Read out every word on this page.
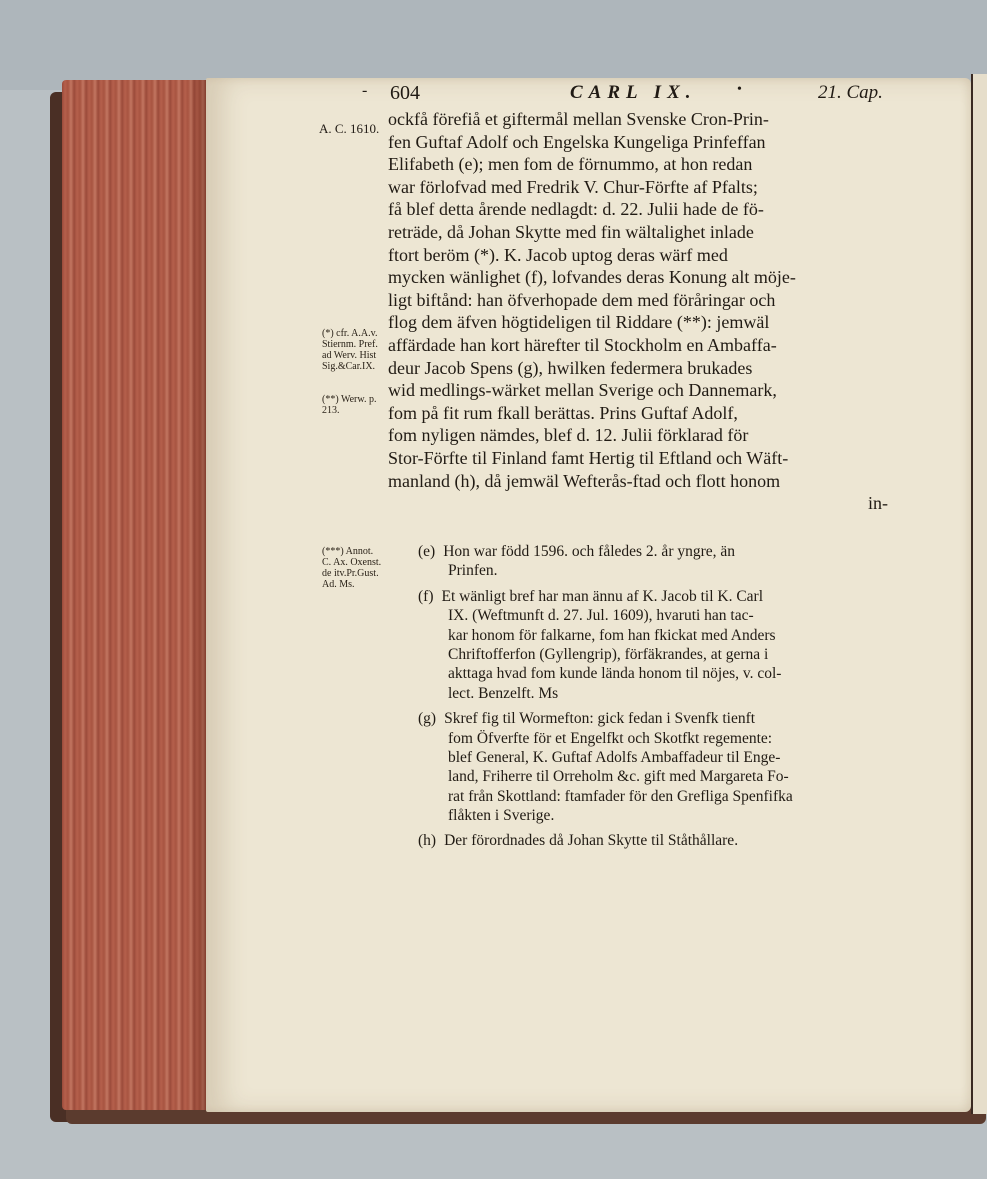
- 604	CARL IX.	•	21. Cap.
A. C. 1610.
(*) cfr. A.A.v.
Stiernm. Pref.
ad Werv. Hist
Sig.&Car.IX.
(**) Werw. p.
213.
(***) Annot.
C. Ax. Oxenst.
de itv.Pr.Gust.
Ad. Ms.
ockfå förefiå et giftermål mellan Svenske Cron-Prin-
fen Guftaf Adolf och Engelska Kungeliga Prinfeffan
Elifabeth (e); men fom de förnummo, at hon redan
war förlofvad med Fredrik V. Chur-Förfte af Pfalts;
få blef detta årende nedlagdt: d. 22. Julii hade de fö-
reträde, då Johan Skytte med fin wältalighet inlade
ftort beröm (*). K. Jacob uptog deras wärf med
mycken wänlighet (f), lofvandes deras Konung alt möje-
ligt biftånd: han öfverhopade dem med föråringar och
flog dem äfven högtideligen til Riddare (**): jemwäl
affärdade han kort härefter til Stockholm en Ambaffa-
deur Jacob Spens (g), hwilken federmera brukades
wid medlings-wärket mellan Sverige och Dannemark,
fom på fit rum fkall berättas. Prins Guftaf Adolf,
fom nyligen nämdes, blef d. 12. Julii förklarad för
Stor-Förfte til Finland famt Hertig til Eftland och Wäft-
manland (h), då jemwäl Wefterås-ftad och flott honom
in-
(e) Hon war född 1596. och fåledes 2. år yngre, än
Prinfen.
(f) Et wänligt bref har man ännu af K. Jacob til K. Carl
IX. (Weftmunft d. 27. Jul. 1609), hvaruti han tac-
kar honom för falkarne, fom han fkickat med Anders
Chriftofferfon (Gyllengrip), förfäkrandes, at gerna i
akttaga hvad fom kunde lända honom til nöjes, v. col-
lect. Benzelft. Ms
(g) Skref fig til Wormefton: gick fedan i Svenfk tienft
fom Öfverfte för et Engelfkt och Skotfkt regemente:
blef General, K. Guftaf Adolfs Ambaffadeur til Enge-
land, Friherre til Orreholm &c. gift med Margareta Fo-
rat från Skottland: ftamfader för den Grefliga Spenfifka
flåkten i Sverige.
(h) Der förordnades då Johan Skytte til Ståthållare.
